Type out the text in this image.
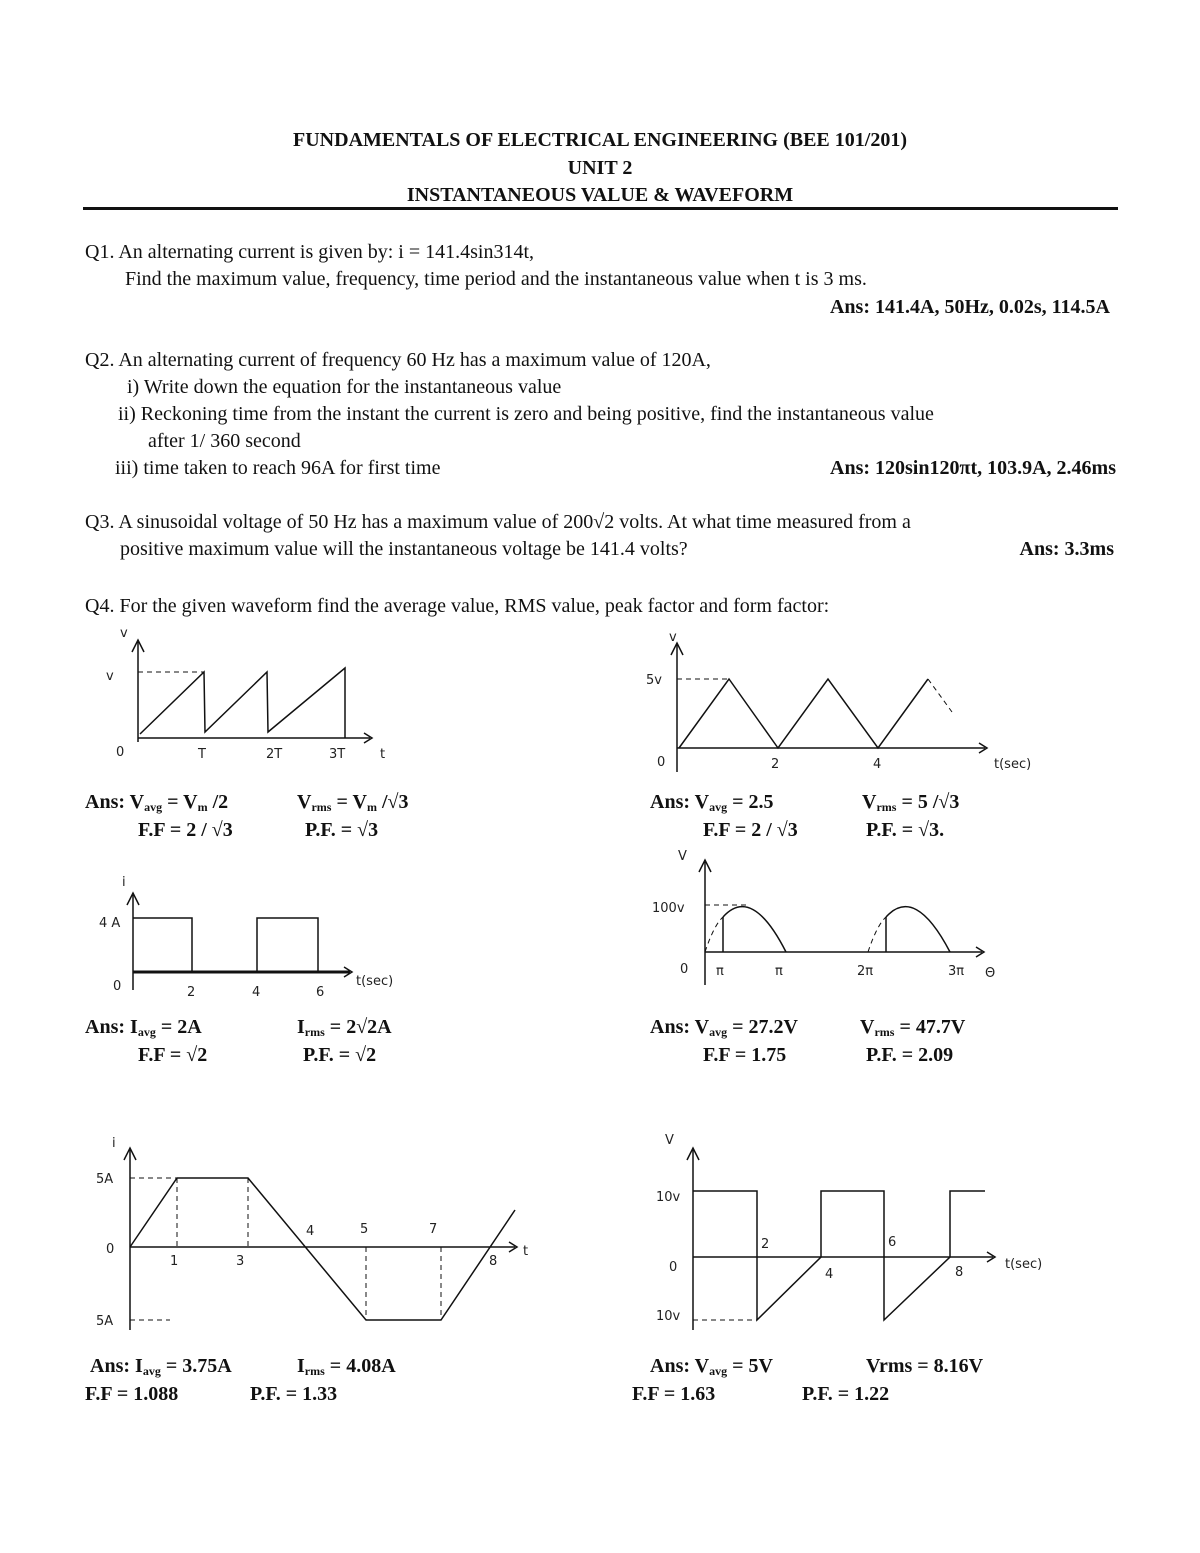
FUNDAMENTALS OF ELECTRICAL ENGINEERING (BEE 101/201)
UNIT 2
INSTANTANEOUS VALUE & WAVEFORM
Q1. An alternating current is given by: i = 141.4sin314t,
Find the maximum value, frequency, time period and the instantaneous value when t is 3 ms.
Ans: 141.4A, 50Hz, 0.02s, 114.5A
Q2. An alternating current of frequency 60 Hz has a maximum value of 120A,
i) Write down the equation for the instantaneous value
ii) Reckoning time from the instant the current is zero and being positive, find the instantaneous value
after 1/ 360 second
iii) time taken to reach 96A for first time	Ans: 120sin120πt, 103.9A, 2.46ms
Q3. A sinusoidal voltage of 50 Hz has a maximum value of 200√2 volts. At what time measured from a
positive maximum value will the instantaneous voltage be 141.4 volts?	Ans: 3.3ms
Q4. For the given waveform find the average value, RMS value, peak factor and form factor:
v
v
0	T	2T	3T	t
v
5v
0	2	4	t(sec)
i
4 A
0	2	4	6
t(sec)
V
100v
0 π	π	2π	3π Θ
i
5A
0
5A
1	3
4	5	7
8
t
V
10v
0
10v
2
4
6
8
t(sec)
Ans: $V_{avg} = V_m$ /2	$V_{rms} = V_m$ /√3
F.F = 2 / √3	P.F. = √3
Ans: $V_{avg} = 2.5$	$V_{rms} = 5$ /√3
F.F = 2 / √3	P.F. = √3.
Ans: $I_{avg} = 2A$	$I_{rms} = 2√2A$
F.F = √2	P.F. = √2
Ans: $V_{avg} = 27.2V$	$V_{rms} = 47.7V$
F.F = 1.75	P.F. = 2.09
Ans: $I_{avg} = 3.75A$	$I_{rms} = 4.08A$
F.F = 1.088	P.F. = 1.33
Ans: $V_{avg} = 5V$	Vrms = 8.16V
F.F = 1.63	P.F. = 1.22
